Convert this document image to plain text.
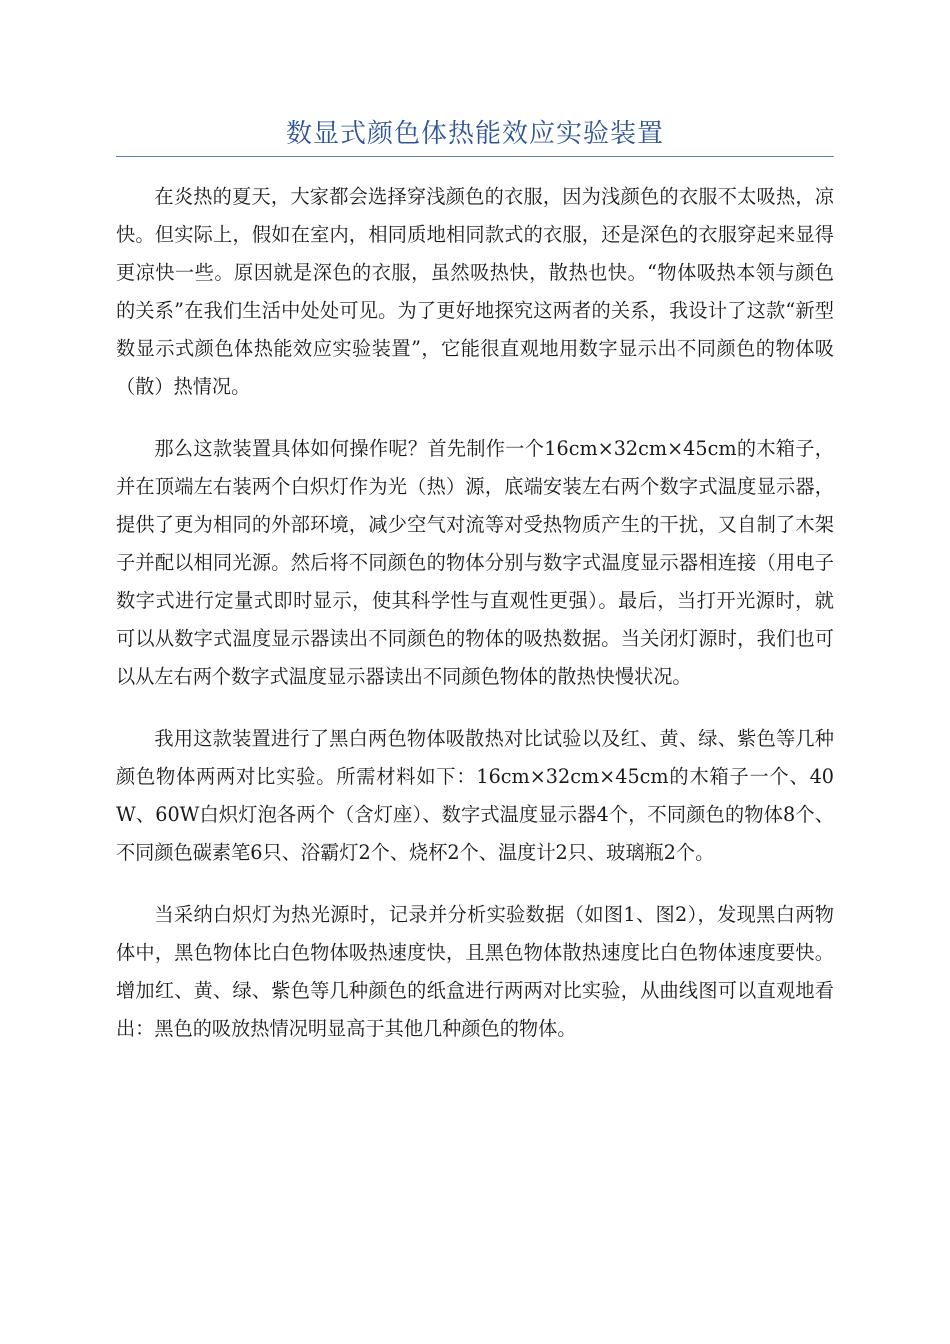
数显式颜色体热能效应实验装置

在炎热的夏天，大家都会选择穿浅颜色的衣服，因为浅颜色的衣服不太吸热，凉快。但实际上，假如在室内，相同质地相同款式的衣服，还是深色的衣服穿起来显得更凉快一些。原因就是深色的衣服，虽然吸热快，散热也快。“物体吸热本领与颜色的关系”在我们生活中处处可见。为了更好地探究这两者的关系，我设计了这款“新型数显示式颜色体热能效应实验装置”，它能很直观地用数字显示出不同颜色的物体吸（散）热情况。

那么这款装置具体如何操作呢？首先制作一个16cm×32cm×45cm的木箱子，并在顶端左右装两个白炽灯作为光（热）源，底端安装左右两个数字式温度显示器，提供了更为相同的外部环境，减少空气对流等对受热物质产生的干扰，又自制了木架子并配以相同光源。然后将不同颜色的物体分别与数字式温度显示器相连接（用电子数字式进行定量式即时显示，使其科学性与直观性更强）。最后，当打开光源时，就可以从数字式温度显示器读出不同颜色的物体的吸热数据。当关闭灯源时，我们也可以从左右两个数字式温度显示器读出不同颜色物体的散热快慢状况。

我用这款装置进行了黑白两色物体吸散热对比试验以及红、黄、绿、紫色等几种颜色物体两两对比实验。所需材料如下：16cm×32cm×45cm的木箱子一个、40W、60W白炽灯泡各两个（含灯座）、数字式温度显示器4个，不同颜色的物体8个、不同颜色碳素笔6只、浴霸灯2个、烧杯2个、温度计2只、玻璃瓶2个。

当采纳白炽灯为热光源时，记录并分析实验数据（如图1、图2），发现黑白两物体中，黑色物体比白色物体吸热速度快，且黑色物体散热速度比白色物体速度要快。增加红、黄、绿、紫色等几种颜色的纸盒进行两两对比实验，从曲线图可以直观地看出：黑色的吸放热情况明显高于其他几种颜色的物体。
